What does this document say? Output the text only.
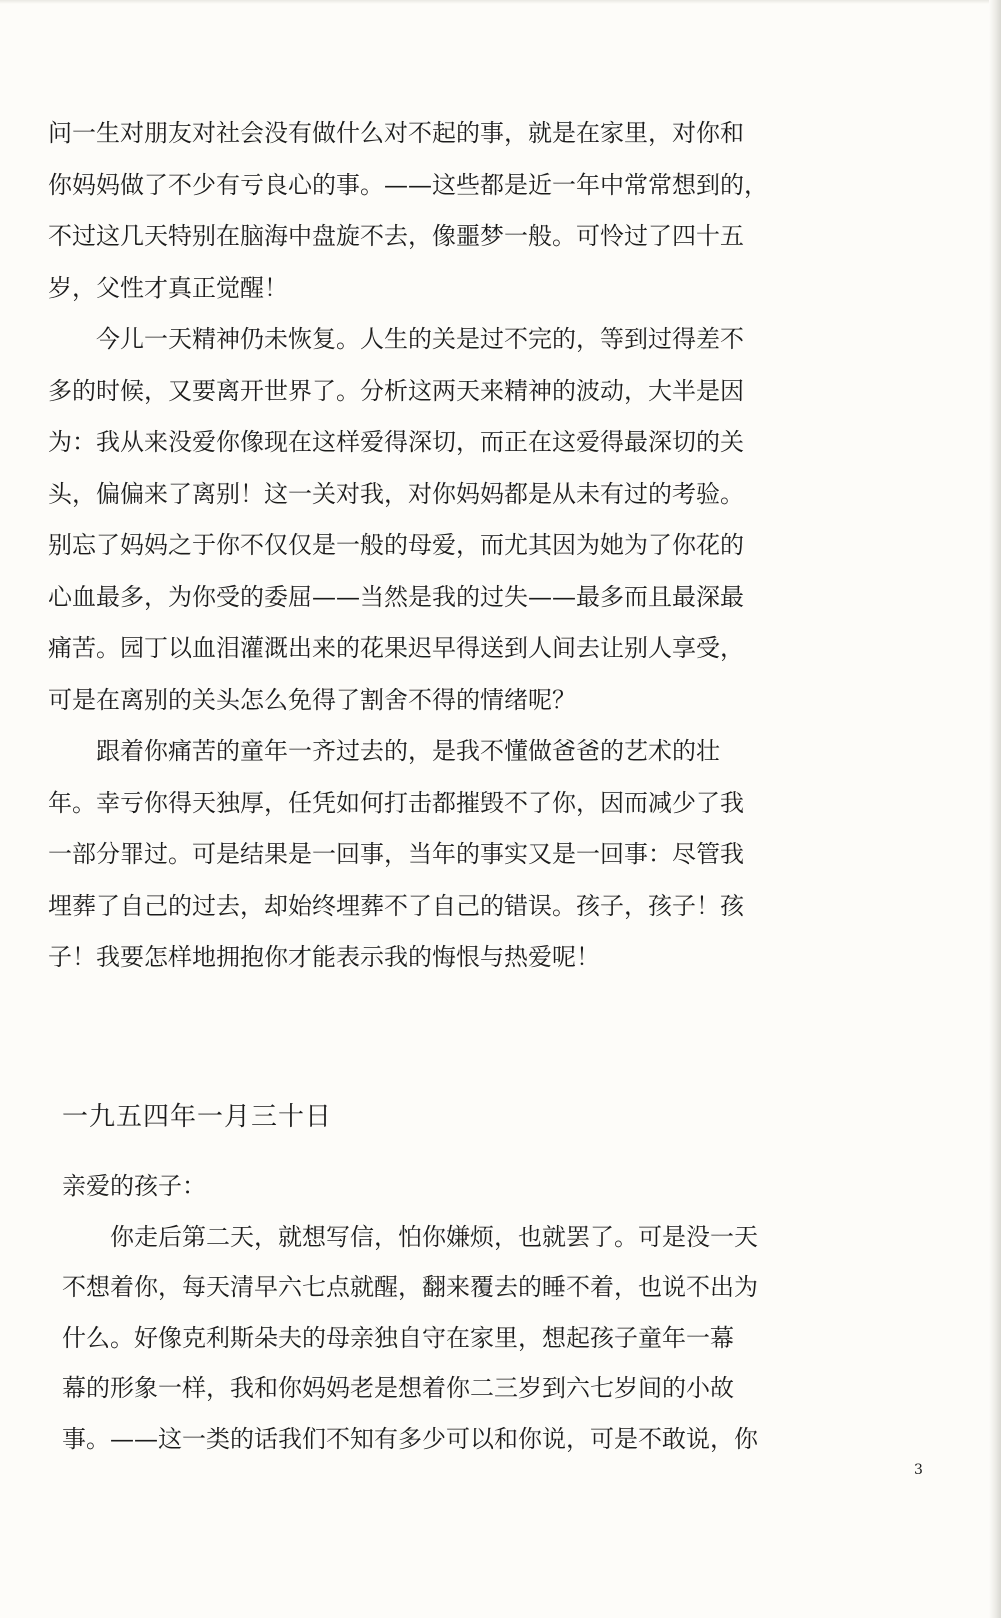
问一生对朋友对社会没有做什么对不起的事，就是在家里，对你和
你妈妈做了不少有亏良心的事。——这些都是近一年中常常想到的，
不过这几天特别在脑海中盘旋不去，像噩梦一般。可怜过了四十五
岁，父性才真正觉醒！
今儿一天精神仍未恢复。人生的关是过不完的，等到过得差不
多的时候，又要离开世界了。分析这两天来精神的波动，大半是因
为：我从来没爱你像现在这样爱得深切，而正在这爱得最深切的关
头，偏偏来了离别！这一关对我，对你妈妈都是从未有过的考验。
别忘了妈妈之于你不仅仅是一般的母爱，而尤其因为她为了你花的
心血最多，为你受的委屈——当然是我的过失——最多而且最深最
痛苦。园丁以血泪灌溉出来的花果迟早得送到人间去让别人享受，
可是在离别的关头怎么免得了割舍不得的情绪呢？
跟着你痛苦的童年一齐过去的，是我不懂做爸爸的艺术的壮
年。幸亏你得天独厚，任凭如何打击都摧毁不了你，因而减少了我
一部分罪过。可是结果是一回事，当年的事实又是一回事：尽管我
埋葬了自己的过去，却始终埋葬不了自己的错误。孩子，孩子！孩
子！我要怎样地拥抱你才能表示我的悔恨与热爱呢！
一九五四年一月三十日
亲爱的孩子：
你走后第二天，就想写信，怕你嫌烦，也就罢了。可是没一天
不想着你，每天清早六七点就醒，翻来覆去的睡不着，也说不出为
什么。好像克利斯朵夫的母亲独自守在家里，想起孩子童年一幕
幕的形象一样，我和你妈妈老是想着你二三岁到六七岁间的小故
事。——这一类的话我们不知有多少可以和你说，可是不敢说，你
3
